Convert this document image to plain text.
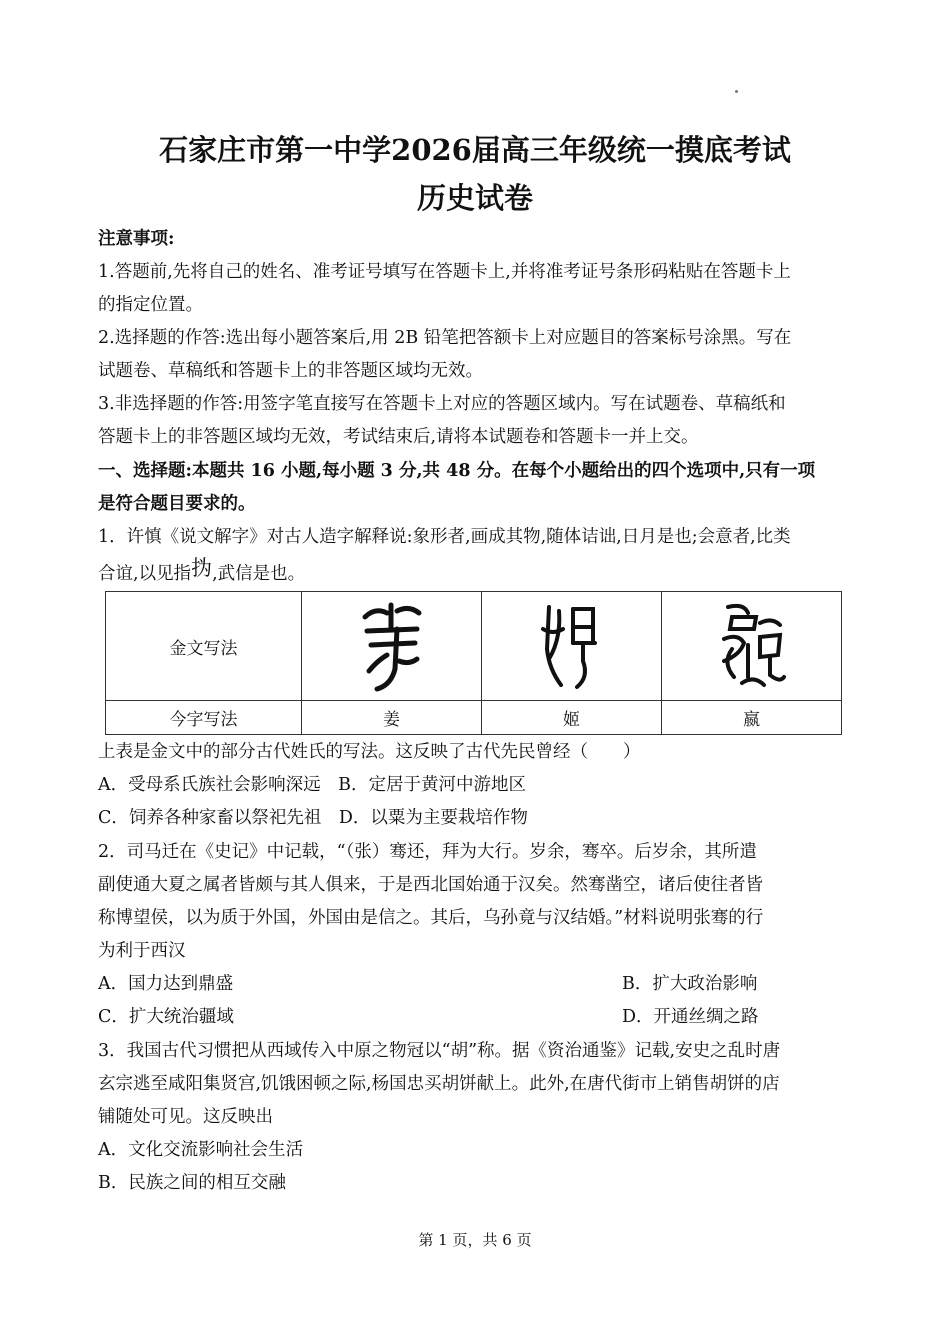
石家庄市第一中学2026届高三年级统一摸底考试
历史试卷
注意事项:
1.答题前,先将自己的姓名、准考证号填写在答题卡上,并将准考证号条形码粘贴在答题卡上
的指定位置。
2.选择题的作答:选出每小题答案后,用 2B 铅笔把答额卡上对应题目的答案标号涂黑。写在
试题卷、草稿纸和答题卡上的非答题区域均无效。
3.非选择题的作答:用签字笔直接写在答题卡上对应的答题区域内。写在试题卷、草稿纸和
答题卡上的非答题区域均无效，考试结束后,请将本试题卷和答题卡一并上交。
一、选择题:本题共 16 小题,每小题 3 分,共 48 分。在每个小题给出的四个选项中,只有一项
是符合题目要求的。
1．许慎《说文解字》对古人造字解释说:象形者,画成其物,随体诘诎,日月是也;会意者,比类
合谊,以见指㧑,武信是也。
金文写法	

今字写法	姜	姬	嬴
上表是金文中的部分古代姓氏的写法。这反映了古代先民曾经（　　）
A．受母系氏族社会影响深远　B．定居于黄河中游地区
C．饲养各种家畜以祭祀先祖　D．以粟为主要栽培作物
2．司马迁在《史记》中记载，“（张）骞还，拜为大行。岁余，骞卒。后岁余，其所遣
副使通大夏之属者皆颇与其人俱来，于是西北国始通于汉矣。然骞凿空，诸后使往者皆
称博望侯，以为质于外国，外国由是信之。其后，乌孙竟与汉结婚。”材料说明张骞的行
为利于西汉
A．国力达到鼎盛	B．扩大政治影响
C．扩大统治疆域	D．开通丝绸之路
3．我国古代习惯把从西域传入中原之物冠以“胡”称。据《资治通鉴》记载,安史之乱时唐
玄宗逃至咸阳集贤宫,饥饿困顿之际,杨国忠买胡饼献上。此外,在唐代街市上销售胡饼的店
铺随处可见。这反映出
A．文化交流影响社会生活
B．民族之间的相互交融
第 1 页，共 6 页
